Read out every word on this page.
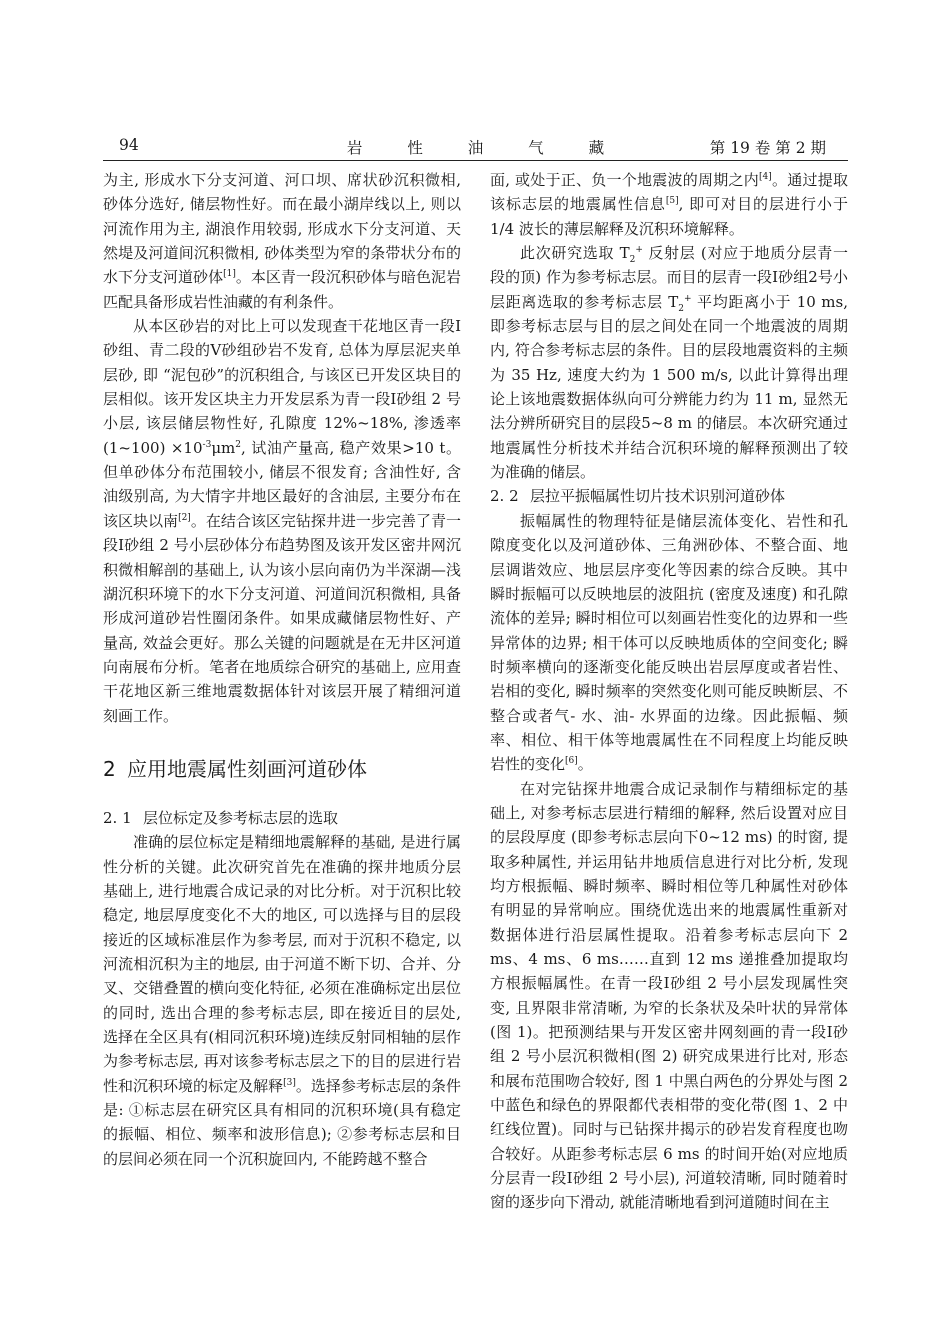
94	岩 性 油 气 藏	第 19 卷 第 2 期

为主, 形成水下分支河道、河口坝、席状砂沉积微相, 砂体分选好, 储层物性好。而在最小湖岸线以上, 则以河流作用为主, 湖浪作用较弱, 形成水下分支河道、天然堤及河道间沉积微相, 砂体类型为窄的条带状分布的水下分支河道砂体[1]。本区青一段沉积砂体与暗色泥岩匹配具备形成岩性油藏的有利条件。

从本区砂岩的对比上可以发现查干花地区青一段Ⅰ砂组、青二段的Ⅴ砂组砂岩不发育, 总体为厚层泥夹单层砂, 即 “泥包砂”的沉积组合, 与该区已开发区块目的层相似。该开发区块主力开发层系为青一段Ⅰ砂组 2 号小层, 该层储层物性好, 孔隙度 12%~18%, 渗透率(1~100) $\times 10^{-3}\mu m^2$, 试油产量高, 稳产效果>10 t。但单砂体分布范围较小, 储层不很发育; 含油性好, 含油级别高, 为大情字井地区最好的含油层, 主要分布在该区块以南[2]。在结合该区完钻探井进一步完善了青一段Ⅰ砂组 2 号小层砂体分布趋势图及该开发区密井网沉积微相解剖的基础上, 认为该小层向南仍为半深湖—浅湖沉积环境下的水下分支河道、河道间沉积微相, 具备形成河道砂岩性圈闭条件。如果成藏储层物性好、产量高, 效益会更好。那么关键的问题就是在无井区河道向南展布分析。笔者在地质综合研究的基础上, 应用查干花地区新三维地震数据体针对该层开展了精细河道刻画工作。

2 应用地震属性刻画河道砂体
2. 1 层位标定及参考标志层的选取

准确的层位标定是精细地震解释的基础, 是进行属性分析的关键。此次研究首先在准确的探井地质分层基础上, 进行地震合成记录的对比分析。对于沉积比较稳定, 地层厚度变化不大的地区, 可以选择与目的层段接近的区域标准层作为参考层, 而对于沉积不稳定, 以河流相沉积为主的地层, 由于河道不断下切、合并、分叉、交错叠置的横向变化特征, 必须在准确标定出层位的同时, 选出合理的参考标志层, 即在接近目的层处, 选择在全区具有(相同沉积环境)连续反射同相轴的层作为参考标志层, 再对该参考标志层之下的目的层进行岩性和沉积环境的标定及解释[3]。选择参考标志层的条件是: ①标志层在研究区具有相同的沉积环境(具有稳定的振幅、相位、频率和波形信息); ②参考标志层和目的层间必须在同一个沉积旋回内, 不能跨越不整合

面, 或处于正、负一个地震波的周期之内[4]。通过提取该标志层的地震属性信息[5], 即可对目的层进行小于 1/4 波长的薄层解释及沉积环境解释。

此次研究选取 $T_2^+$ 反射层 (对应于地质分层青一段的顶) 作为参考标志层。而目的层青一段Ⅰ砂组2号小层距离选取的参考标志层 $T_2^+$ 平均距离小于 10 ms, 即参考标志层与目的层之间处在同一个地震波的周期内, 符合参考标志层的条件。目的层段地震资料的主频为 35 Hz, 速度大约为 1 500 m/s, 以此计算得出理论上该地震数据体纵向可分辨能力约为 11 m, 显然无法分辨所研究目的层段5~8 m 的储层。本次研究通过地震属性分析技术并结合沉积环境的解释预测出了较为准确的储层。

2. 2 层拉平振幅属性切片技术识别河道砂体

振幅属性的物理特征是储层流体变化、岩性和孔隙度变化以及河道砂体、三角洲砂体、不整合面、地层调谐效应、地层层序变化等因素的综合反映。其中瞬时振幅可以反映地层的波阻抗 (密度及速度) 和孔隙流体的差异; 瞬时相位可以刻画岩性变化的边界和一些异常体的边界; 相干体可以反映地质体的空间变化; 瞬时频率横向的逐渐变化能反映出岩层厚度或者岩性、岩相的变化, 瞬时频率的突然变化则可能反映断层、不整合或者气- 水、油- 水界面的边缘。因此振幅、频率、相位、相干体等地震属性在不同程度上均能反映岩性的变化[6]。

在对完钻探井地震合成记录制作与精细标定的基础上, 对参考标志层进行精细的解释, 然后设置对应目的层段厚度 (即参考标志层向下0~12 ms) 的时窗, 提取多种属性, 并运用钻井地质信息进行对比分析, 发现均方根振幅、瞬时频率、瞬时相位等几种属性对砂体有明显的异常响应。围绕优选出来的地震属性重新对数据体进行沿层属性提取。沿着参考标志层向下 2 ms、4 ms、6 ms……直到 12 ms 递推叠加提取均方根振幅属性。在青一段Ⅰ砂组 2 号小层发现属性突变, 且界限非常清晰, 为窄的长条状及朵叶状的异常体(图 1)。把预测结果与开发区密井网刻画的青一段Ⅰ砂组 2 号小层沉积微相(图 2) 研究成果进行比对, 形态和展布范围吻合较好, 图 1 中黑白两色的分界处与图 2 中蓝色和绿色的界限都代表相带的变化带(图 1、2 中红线位置)。同时与已钻探井揭示的砂岩发育程度也吻合较好。从距参考标志层 6 ms 的时间开始(对应地质分层青一段Ⅰ砂组 2 号小层), 河道较清晰, 同时随着时窗的逐步向下滑动, 就能清晰地看到河道随时间在主
